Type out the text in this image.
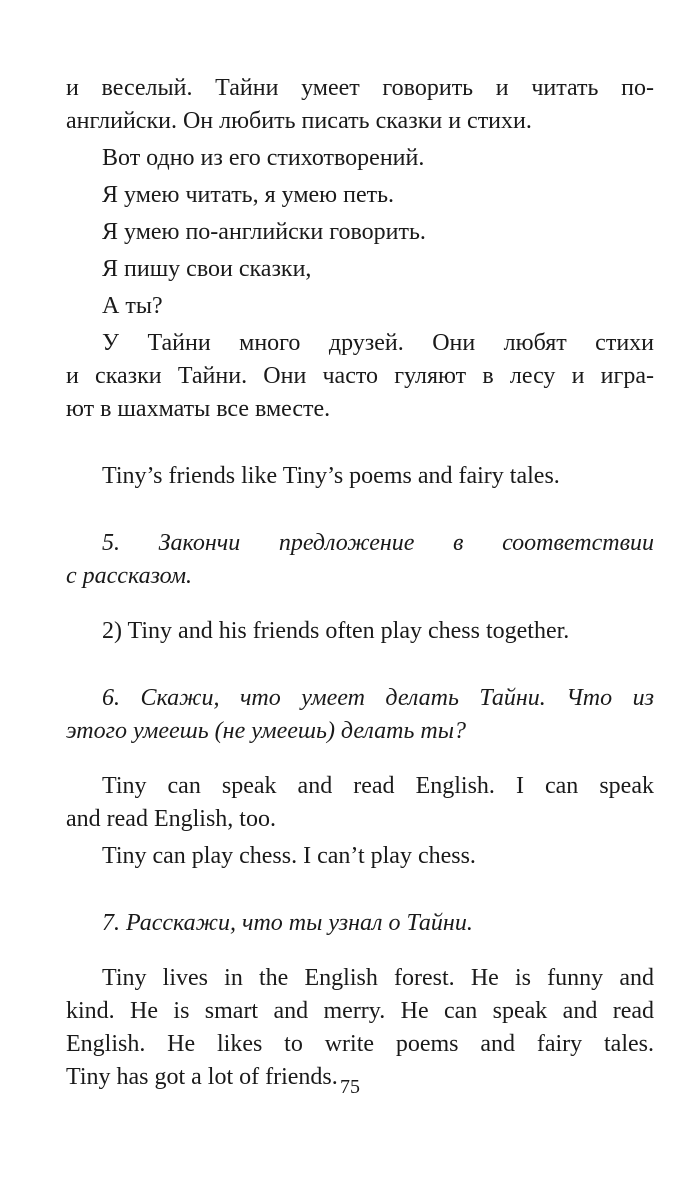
и веселый. Тайни умеет говорить и читать по-

английски. Он любить писать сказки и стихи.

Вот одно из его стихотворений.

Я умею читать, я умею петь.

Я умею по-английски говорить.

Я пишу свои сказки,

А ты?

У Тайни много друзей. Они любят стихи

и сказки Тайни. Они часто гуляют в лесу и игра-

ют в шахматы все вместе.

Tiny’s friends like Tiny’s poems and fairy tales.

5. Закончи предложение в соответствии

с рассказом.

2) Tiny and his friends often play chess together.

6. Скажи, что умеет делать Тайни. Что из

этого умеешь (не умеешь) делать ты?

Tiny can speak and read English. I can speak

and read English, too.

Tiny can play chess. I can’t play chess.

7. Расскажи, что ты узнал о Тайни.

Tiny lives in the English forest. He is funny and

kind. He is smart and merry. He can speak and read

English. He likes to write poems and fairy tales.

Tiny has got a lot of friends. 75
